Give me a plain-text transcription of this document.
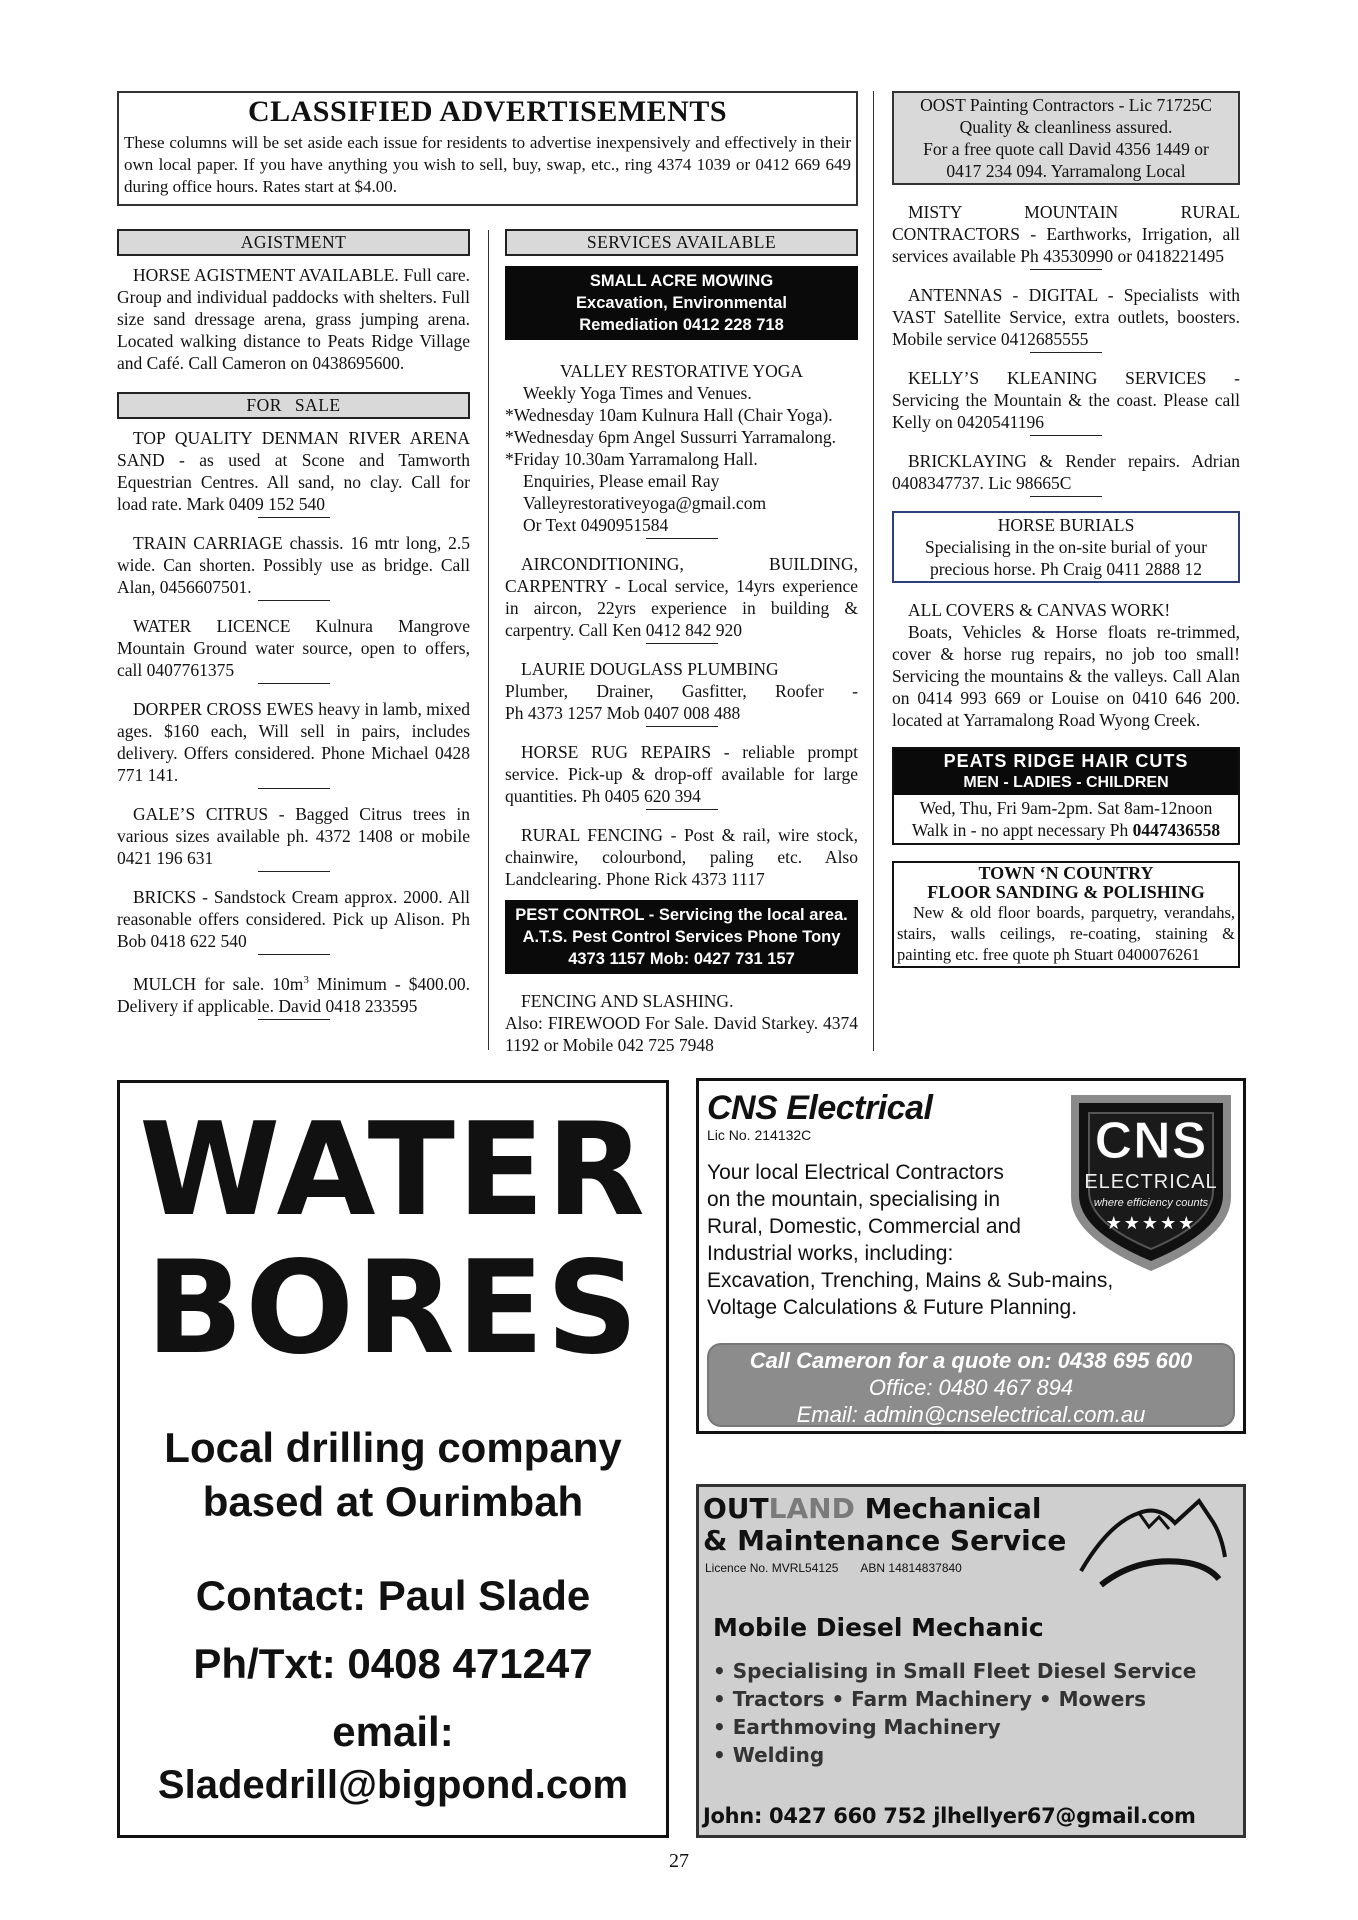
CLASSIFIED ADVERTISEMENTS

These columns will be set aside each issue for residents to advertise inexpensively and effectively in their own local paper. If you have anything you wish to sell, buy, swap, etc., ring 4374 1039 or 0412 669 649 during office hours. Rates start at $4.00.

AGISTMENT

HORSE AGISTMENT AVAILABLE. Full care. Group and individual paddocks with shelters. Full size sand dressage arena, grass jumping arena. Located walking distance to Peats Ridge Village and Café. Call Cameron on 0438695600.

FOR SALE

TOP QUALITY DENMAN RIVER ARENA SAND - as used at Scone and Tamworth Equestrian Centres. All sand, no clay. Call for load rate. Mark 0409 152 540

TRAIN CARRIAGE chassis. 16 mtr long, 2.5 wide. Can shorten. Possibly use as bridge. Call Alan, 0456607501.

WATER LICENCE Kulnura Mangrove Mountain Ground water source, open to offers, call 0407761375

DORPER CROSS EWES heavy in lamb, mixed ages. $160 each, Will sell in pairs, includes delivery. Offers considered. Phone Michael 0428 771 141.

GALE’S CITRUS - Bagged Citrus trees in various sizes available ph. 4372 1408 or mobile 0421 196 631

BRICKS - Sandstock Cream approx. 2000. All reasonable offers considered. Pick up Alison. Ph Bob 0418 622 540

MULCH for sale. $10m^3$ Minimum - $400.00. Delivery if applicable. David 0418 233595

SERVICES AVAILABLE
SMALL ACRE MOWING
Excavation, Environmental
Remediation 0412 228 718
VALLEY RESTORATIVE YOGA
Weekly Yoga Times and Venues.
*Wednesday 10am Kulnura Hall (Chair Yoga).
*Wednesday 6pm Angel Sussurri Yarramalong.
*Friday 10.30am Yarramalong Hall.
Enquiries, Please email Ray
Valleyrestorativeyoga@gmail.com
Or Text 0490951584

AIRCONDITIONING, BUILDING, CARPENTRY - Local service, 14yrs experience in aircon, 22yrs experience in building & carpentry. Call Ken 0412 842 920

LAURIE DOUGLASS PLUMBING
Plumber, Drainer, Gasfitter, Roofer -
Ph 4373 1257 Mob 0407 008 488

HORSE RUG REPAIRS - reliable prompt service. Pick-up & drop-off available for large quantities. Ph 0405 620 394

RURAL FENCING - Post & rail, wire stock, chainwire, colourbond, paling etc. Also Landclearing. Phone Rick 4373 1117

PEST CONTROL - Servicing the local area. A.T.S. Pest Control Services Phone Tony 4373 1157 Mob: 0427 731 157
FENCING AND SLASHING.

Also: FIREWOOD For Sale. David Starkey. 4374 1192 or Mobile 042 725 7948

OOST Painting Contractors - Lic 71725C
Quality & cleanliness assured.
For a free quote call David 4356 1449 or
0417 234 094. Yarramalong Local

MISTY MOUNTAIN RURAL CONTRACTORS - Earthworks, Irrigation, all services available Ph 43530990 or 0418221495

ANTENNAS - DIGITAL - Specialists with VAST Satellite Service, extra outlets, boosters. Mobile service 0412685555

KELLY’S KLEANING SERVICES - Servicing the Mountain & the coast. Please call Kelly on 0420541196

BRICKLAYING & Render repairs. Adrian 0408347737. Lic 98665C

HORSE BURIALS
Specialising in the on-site burial of your precious horse. Ph Craig 0411 2888 12
ALL COVERS & CANVAS WORK!

Boats, Vehicles & Horse floats re-trimmed, cover & horse rug repairs, no job too small! Servicing the mountains & the valleys. Call Alan on 0414 993 669 or Louise on 0410 646 200. located at Yarramalong Road Wyong Creek.

PEATS RIDGE HAIR CUTS
MEN - LADIES - CHILDREN
Wed, Thu, Fri 9am-2pm. Sat 8am-12noon
Walk in - no appt necessary Ph 0447436558
TOWN ‘N COUNTRY
FLOOR SANDING & POLISHING

New & old floor boards, parquetry, verandahs, stairs, walls ceilings, re-coating, staining & painting etc. free quote ph Stuart 0400076261

WATER
BORES
Local drilling company
based at Ourimbah
Contact: Paul Slade
Ph/Txt: 0408 471247
email:
Sladedrill@bigpond.com
CNS Electrical
Lic No. 214132C
Your local Electrical Contractors
on the mountain, specialising in
Rural, Domestic, Commercial and
Industrial works, including:
Excavation, Trenching, Mains & Sub-mains,
Voltage Calculations & Future Planning.
CNS
ELECTRICAL
where efficiency counts
★★★★★
Call Cameron for a quote on: 0438 695 600
Office: 0480 467 894
Email: admin@cnselectrical.com.au
OUTLAND Mechanical
& Maintenance Service
Licence No. MVRL54125 ABN 14814837840
Mobile Diesel Mechanic
• Specialising in Small Fleet Diesel Service
• Tractors • Farm Machinery • Mowers
• Earthmoving Machinery
• Welding
John: 0427 660 752 jlhellyer67@gmail.com
27
